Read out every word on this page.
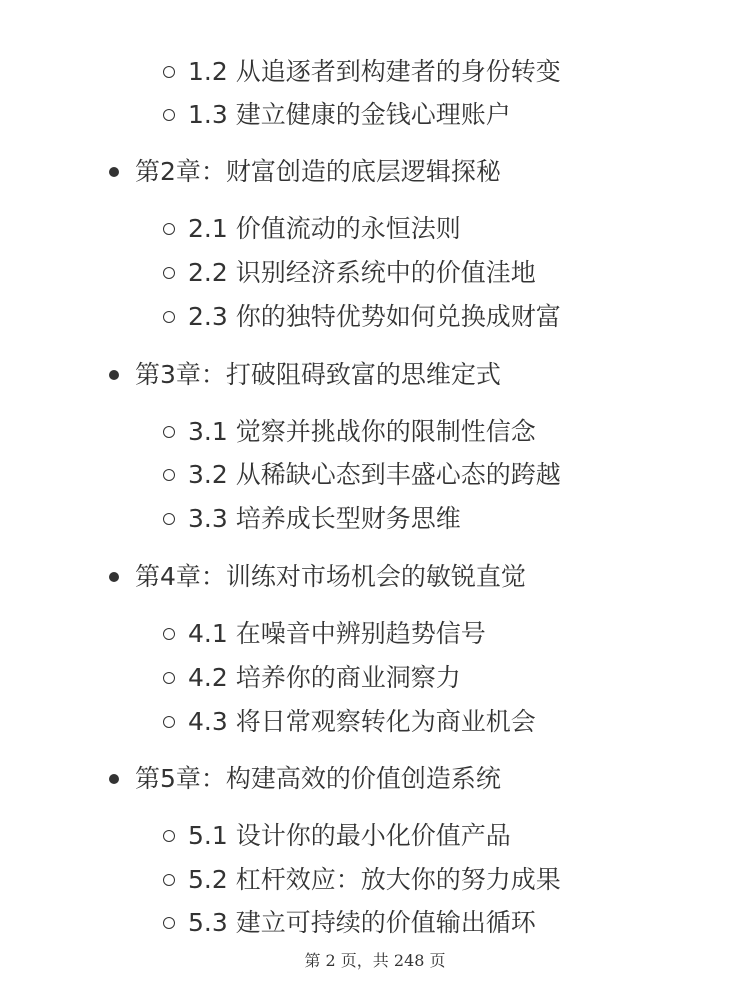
1.2 从追逐者到构建者的身份转变
1.3 建立健康的金钱心理账户
第2章：财富创造的底层逻辑探秘
2.1 价值流动的永恒法则
2.2 识别经济系统中的价值洼地
2.3 你的独特优势如何兑换成财富
第3章：打破阻碍致富的思维定式
3.1 觉察并挑战你的限制性信念
3.2 从稀缺心态到丰盛心态的跨越
3.3 培养成长型财务思维
第4章：训练对市场机会的敏锐直觉
4.1 在噪音中辨别趋势信号
4.2 培养你的商业洞察力
4.3 将日常观察转化为商业机会
第5章：构建高效的价值创造系统
5.1 设计你的最小化价值产品
5.2 杠杆效应：放大你的努力成果
5.3 建立可持续的价值输出循环
第 2 页，共 248 页
